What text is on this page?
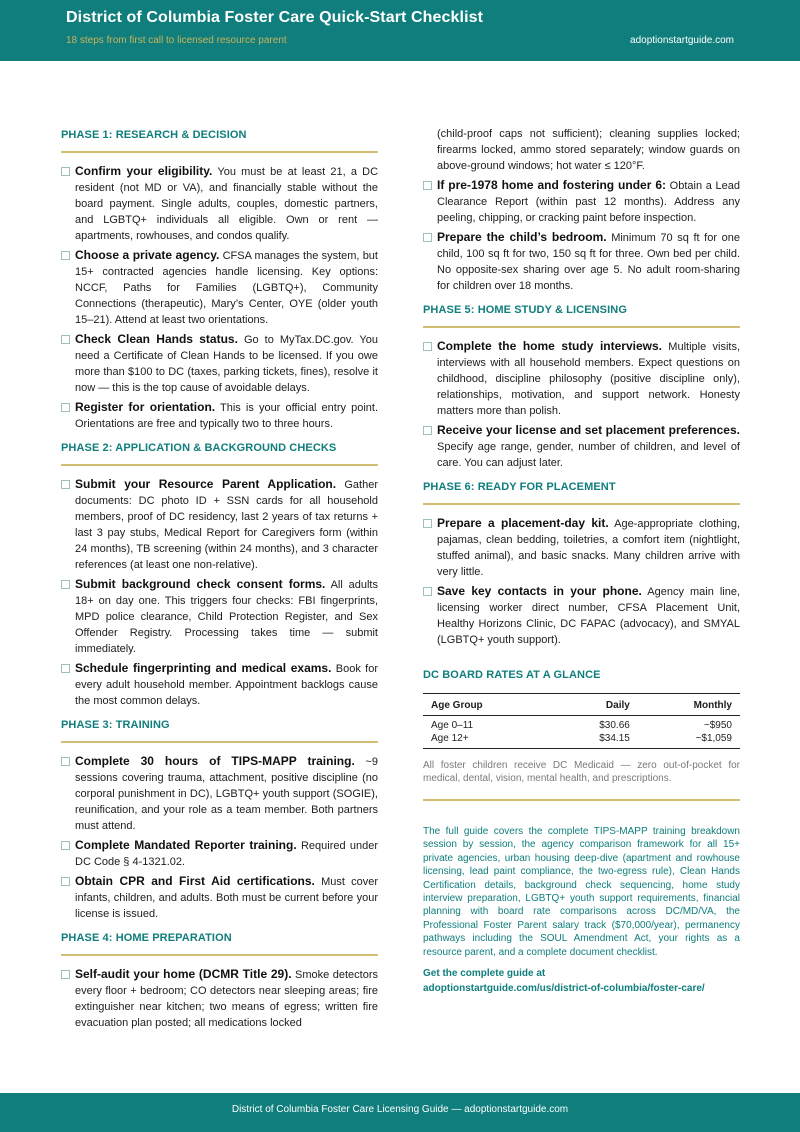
District of Columbia Foster Care Quick-Start Checklist
18 steps from first call to licensed resource parent	adoptionstartguide.com
PHASE 1: RESEARCH & DECISION
Confirm your eligibility. You must be at least 21, a DC resident (not MD or VA), and financially stable without the board payment. Single adults, couples, domestic partners, and LGBTQ+ individuals all eligible. Own or rent — apartments, rowhouses, and condos qualify.
Choose a private agency. CFSA manages the system, but 15+ contracted agencies handle licensing. Key options: NCCF, Paths for Families (LGBTQ+), Community Connections (therapeutic), Mary’s Center, OYE (older youth 15–21). Attend at least two orientations.
Check Clean Hands status. Go to MyTax.DC.gov. You need a Certificate of Clean Hands to be licensed. If you owe more than $100 to DC (taxes, parking tickets, fines), resolve it now — this is the top cause of avoidable delays.
Register for orientation. This is your official entry point. Orientations are free and typically two to three hours.
PHASE 2: APPLICATION & BACKGROUND CHECKS
Submit your Resource Parent Application. Gather documents: DC photo ID + SSN cards for all household members, proof of DC residency, last 2 years of tax returns + last 3 pay stubs, Medical Report for Caregivers form (within 24 months), TB screening (within 24 months), and 3 character references (at least one non-relative).
Submit background check consent forms. All adults 18+ on day one. This triggers four checks: FBI fingerprints, MPD police clearance, Child Protection Register, and Sex Offender Registry. Processing takes time — submit immediately.
Schedule fingerprinting and medical exams. Book for every adult household member. Appointment backlogs cause the most common delays.
PHASE 3: TRAINING
Complete 30 hours of TIPS-MAPP training. ~9 sessions covering trauma, attachment, positive discipline (no corporal punishment in DC), LGBTQ+ youth support (SOGIE), reunification, and your role as a team member. Both partners must attend.
Complete Mandated Reporter training. Required under DC Code § 4-1321.02.
Obtain CPR and First Aid certifications. Must cover infants, children, and adults. Both must be current before your license is issued.
PHASE 4: HOME PREPARATION
Self-audit your home (DCMR Title 29). Smoke detectors every floor + bedroom; CO detectors near sleeping areas; fire extinguisher near kitchen; two means of egress; written fire evacuation plan posted; all medications locked
(child-proof caps not sufficient); cleaning supplies locked; firearms locked, ammo stored separately; window guards on above-ground windows; hot water ≤ 120°F.
If pre-1978 home and fostering under 6: Obtain a Lead Clearance Report (within past 12 months). Address any peeling, chipping, or cracking paint before inspection.
Prepare the child’s bedroom. Minimum 70 sq ft for one child, 100 sq ft for two, 150 sq ft for three. Own bed per child. No opposite-sex sharing over age 5. No adult room-sharing for children over 18 months.
PHASE 5: HOME STUDY & LICENSING
Complete the home study interviews. Multiple visits, interviews with all household members. Expect questions on childhood, discipline philosophy (positive discipline only), relationships, motivation, and support network. Honesty matters more than polish.
Receive your license and set placement preferences. Specify age range, gender, number of children, and level of care. You can adjust later.
PHASE 6: READY FOR PLACEMENT
Prepare a placement-day kit. Age-appropriate clothing, pajamas, clean bedding, toiletries, a comfort item (nightlight, stuffed animal), and basic snacks. Many children arrive with very little.
Save key contacts in your phone. Agency main line, licensing worker direct number, CFSA Placement Unit, Healthy Horizons Clinic, DC FAPAC (advocacy), and SMYAL (LGBTQ+ youth support).
DC BOARD RATES AT A GLANCE
Age Group	Daily	Monthly
Age 0–11	$30.66	~$950
Age 12+	$34.15	~$1,059
All foster children receive DC Medicaid — zero out-of-pocket for medical, dental, vision, mental health, and prescriptions.
The full guide covers the complete TIPS-MAPP training breakdown session by session, the agency comparison framework for all 15+ private agencies, urban housing deep-dive (apartment and rowhouse licensing, lead paint compliance, the two-egress rule), Clean Hands Certification details, background check sequencing, home study interview preparation, LGBTQ+ youth support requirements, financial planning with board rate comparisons across DC/MD/VA, the Professional Foster Parent salary track ($70,000/year), permanency pathways including the SOUL Amendment Act, your rights as a resource parent, and a complete document checklist.
Get the complete guide at
adoptionstartguide.com/us/district-of-columbia/foster-care/
District of Columbia Foster Care Licensing Guide — adoptionstartguide.com
